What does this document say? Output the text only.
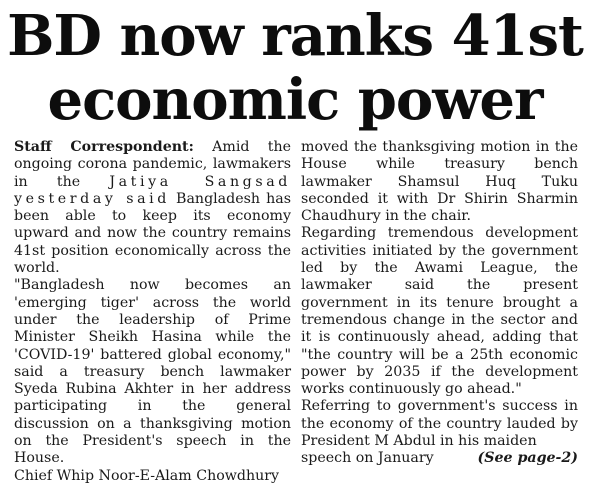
BD now ranks 41st
economic power

Staff Correspondent: Amid the ongoing corona pandemic, lawmakers in the Jatiya Sangsad yesterday said Bangladesh has been able to keep its economy upward and now the country remains 41st position economically across the world.

"Bangladesh now becomes an 'emerging tiger' across the world under the leadership of Prime Minister Sheikh Hasina while the 'COVID-19' battered global economy," said a treasury bench lawmaker Syeda Rubina Akhter in her address participating in the general discussion on a thanksgiving motion on the President's speech in the House.

Chief Whip Noor-E-Alam Chowdhury

moved the thanksgiving motion in the House while treasury bench lawmaker Shamsul Huq Tuku seconded it with Dr Shirin Sharmin Chaudhury in the chair.

Regarding tremendous development activities initiated by the government led by the Awami League, the lawmaker said the present government in its tenure brought a tremendous change in the sector and it is continuously ahead, adding that "the country will be a 25th economic power by 2035 if the development works continuously go ahead."

Referring to government's success in the economy of the country lauded by President M Abdul in his maiden

speech on January	(See page-2)
